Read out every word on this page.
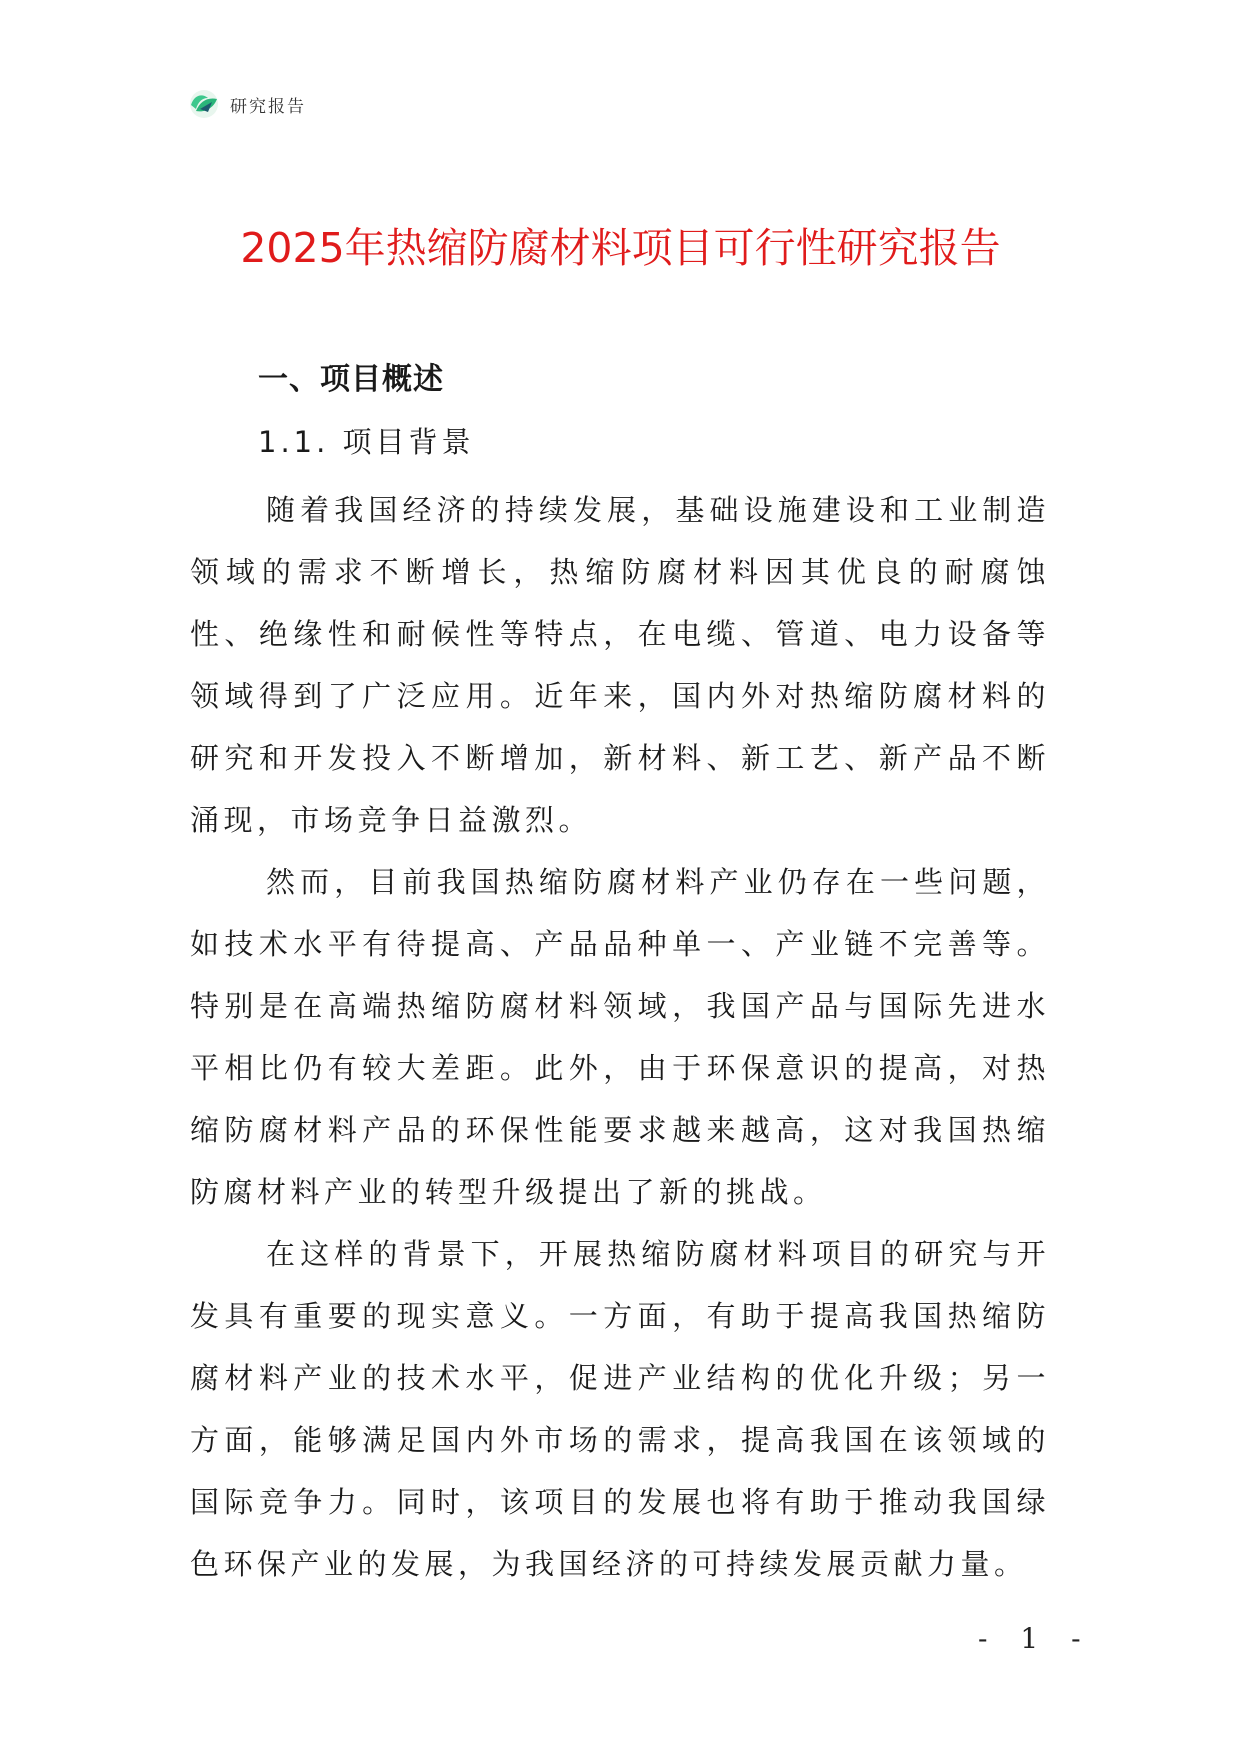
研究报告
2025年热缩防腐材料项目可行性研究报告
一、项目概述
1.1. 项目背景

随着我国经济的持续发展，基础设施建设和工业制造领域的需求不断增长，热缩防腐材料因其优良的耐腐蚀性、绝缘性和耐候性等特点，在电缆、管道、电力设备等领域得到了广泛应用。近年来，国内外对热缩防腐材料的研究和开发投入不断增加，新材料、新工艺、新产品不断涌现，市场竞争日益激烈。

然而，目前我国热缩防腐材料产业仍存在一些问题，如技术水平有待提高、产品品种单一、产业链不完善等。特别是在高端热缩防腐材料领域，我国产品与国际先进水平相比仍有较大差距。此外，由于环保意识的提高，对热缩防腐材料产品的环保性能要求越来越高，这对我国热缩防腐材料产业的转型升级提出了新的挑战。

在这样的背景下，开展热缩防腐材料项目的研究与开发具有重要的现实意义。一方面，有助于提高我国热缩防腐材料产业的技术水平，促进产业结构的优化升级；另一方面，能够满足国内外市场的需求，提高我国在该领域的国际竞争力。同时，该项目的发展也将有助于推动我国绿色环保产业的发展，为我国经济的可持续发展贡献力量。

- 1 -
